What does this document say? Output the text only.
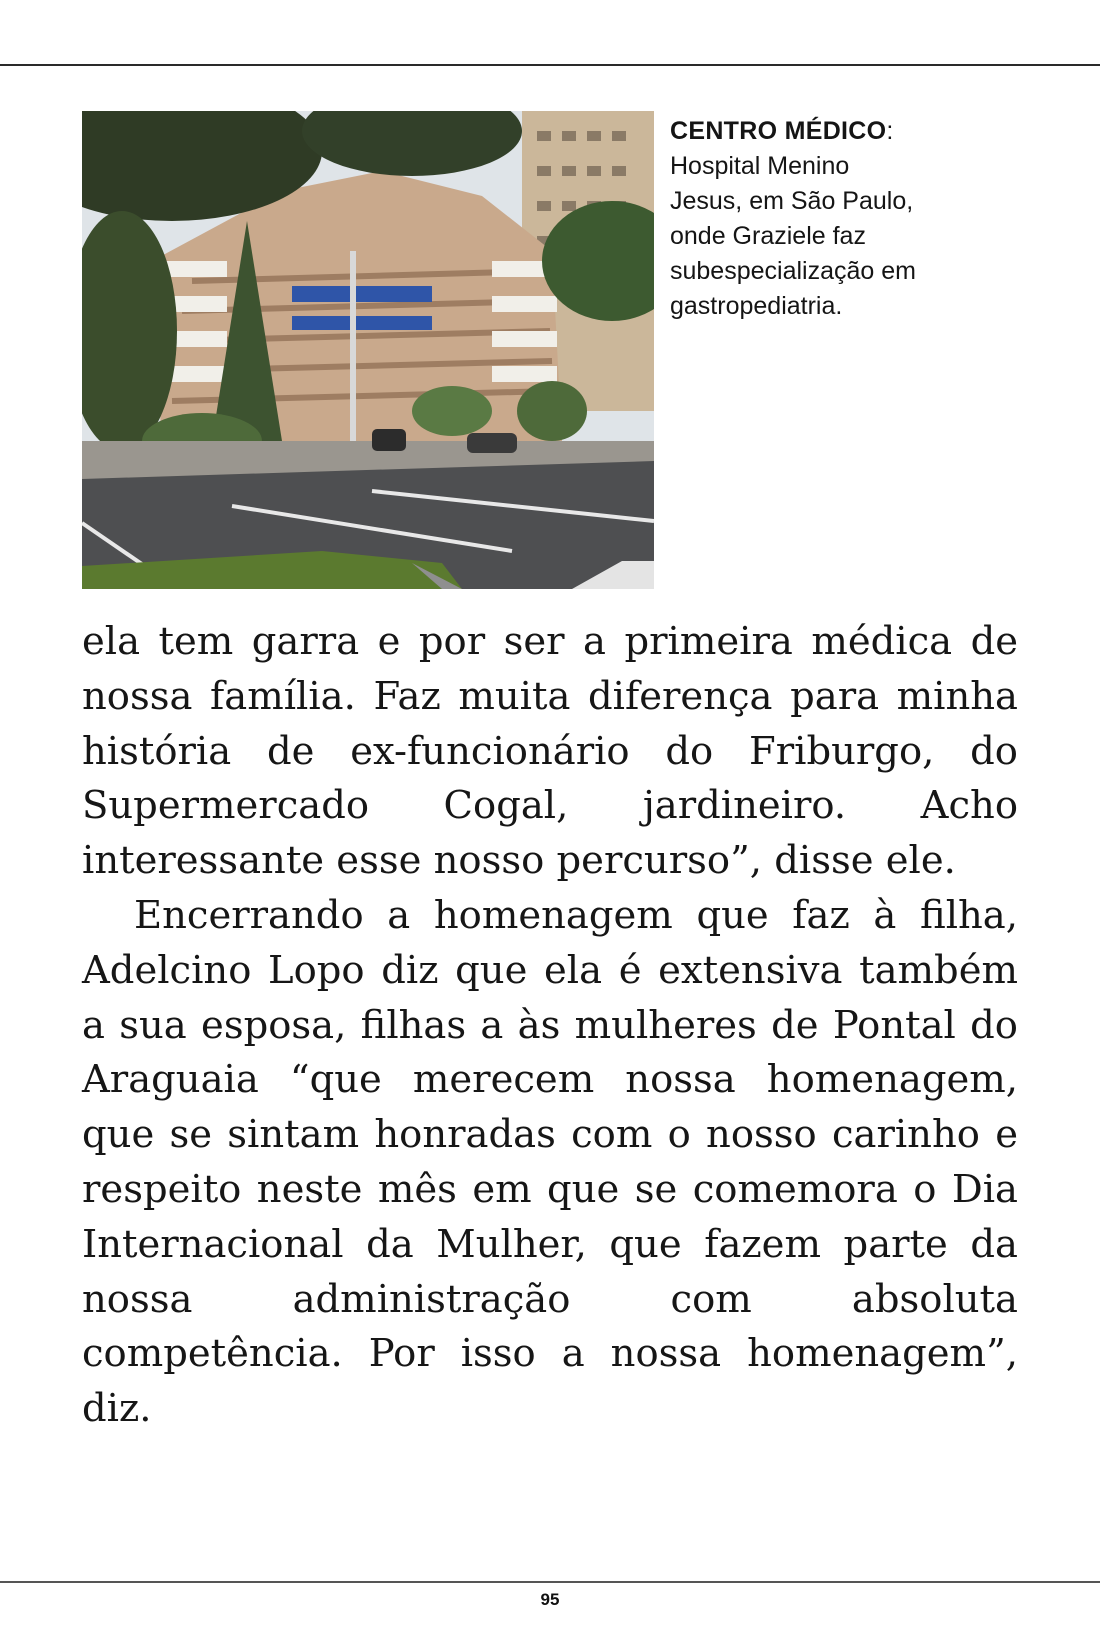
CENTRO MÉDICO:
Hospital Menino
Jesus, em São Paulo,
onde Graziele faz
subespecialização em
gastropediatria.

ela tem garra e por ser a primeira médica de nossa família. Faz muita diferença para minha história de ex-funcionário do Friburgo, do Supermercado Cogal, jardineiro. Acho interessante esse nosso percurso”, disse ele.

Encerrando a homenagem que faz à filha, Adelcino Lopo diz que ela é extensiva também a sua esposa, filhas a às mulheres de Pontal do Araguaia “que merecem nossa homenagem, que se sintam honradas com o nosso carinho e respeito neste mês em que se comemora o Dia Internacional da Mulher, que fazem parte da nossa administração com absoluta competência. Por isso a nossa homenagem”, diz.

95
